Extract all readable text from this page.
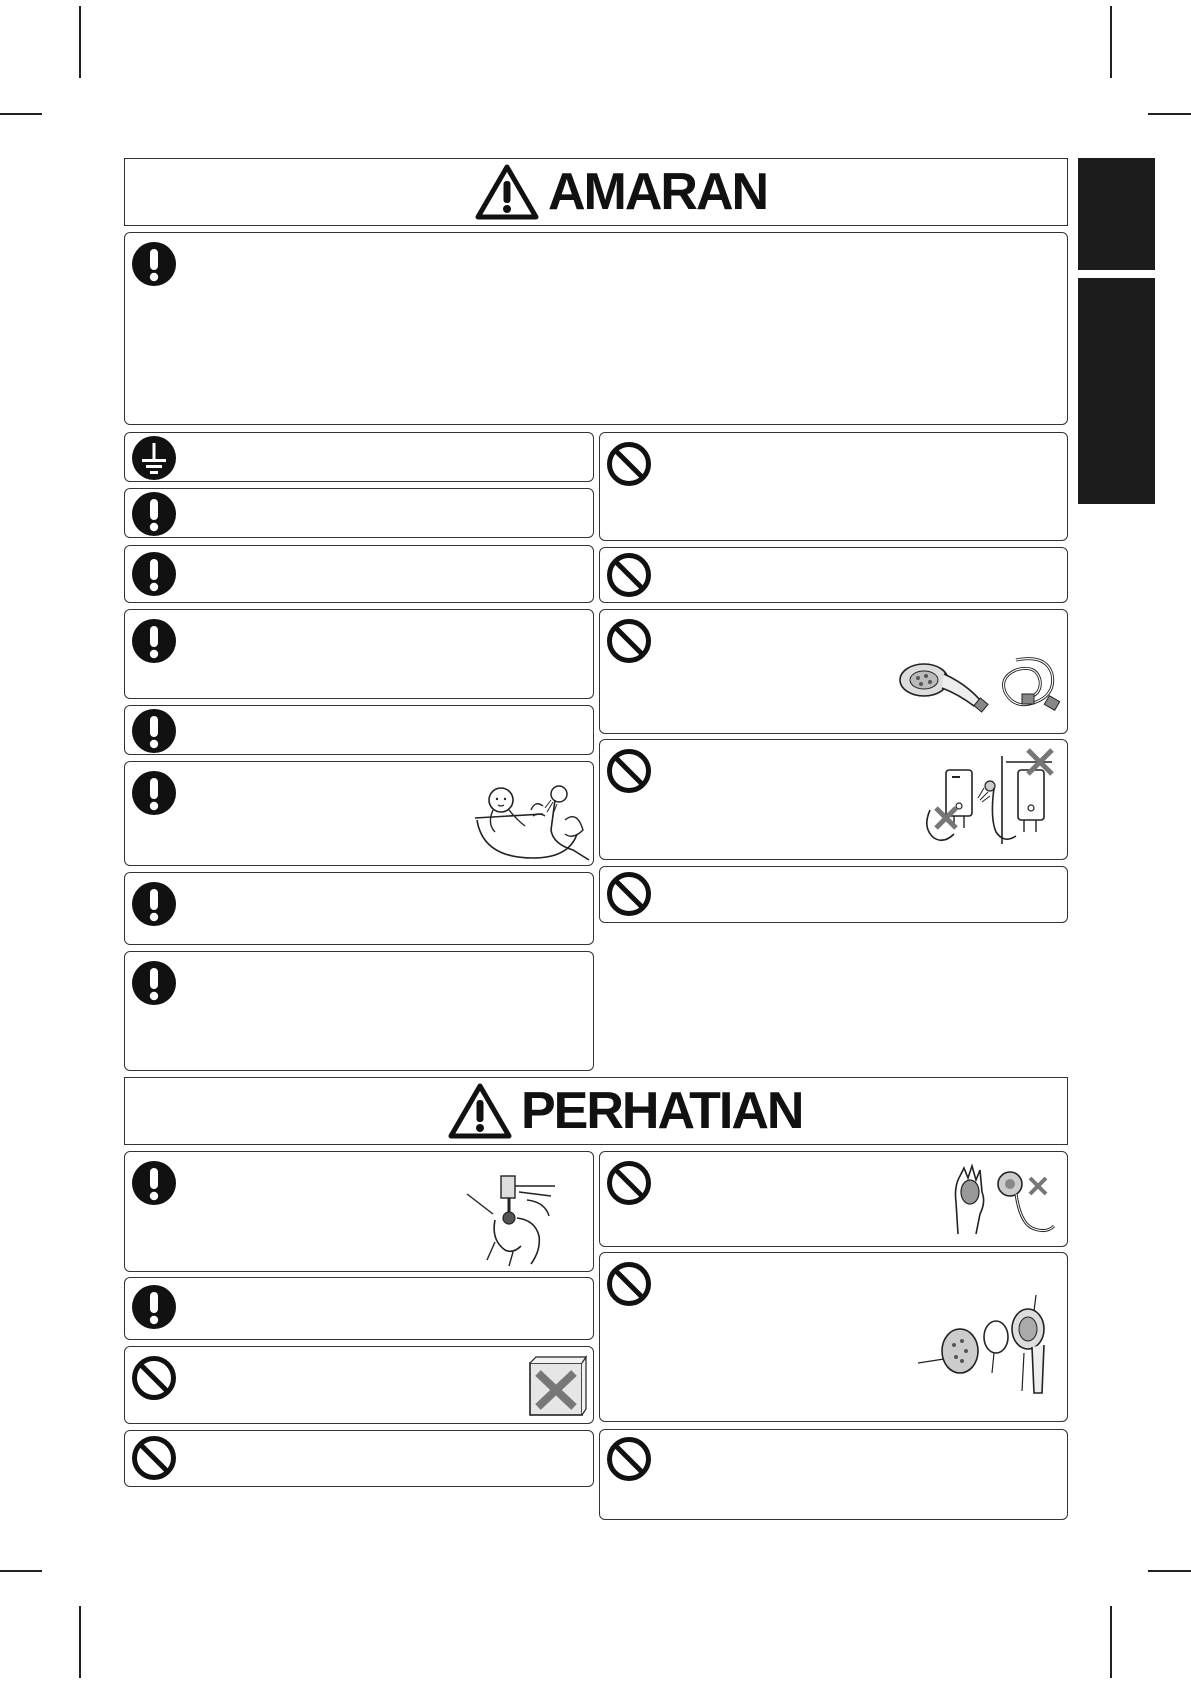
AMARAN
PERHATIAN
